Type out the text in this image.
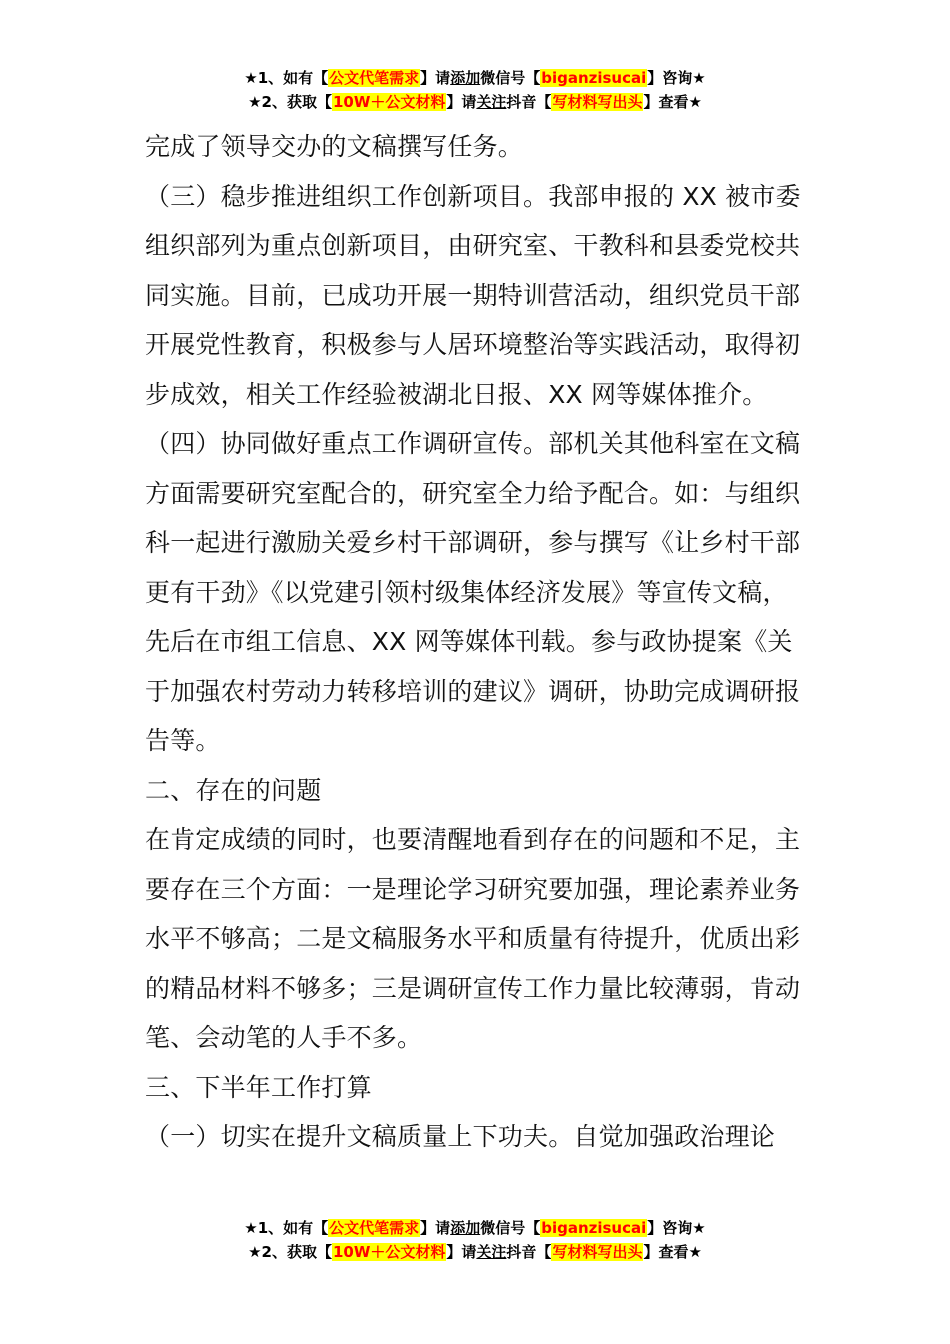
★1、如有【公文代笔需求】请添加微信号【biganzisucai】咨询★
★2、获取【10W＋公文材料】请关注抖音【写材料写出头】查看★

完成了领导交办的文稿撰写任务。

（三）稳步推进组织工作创新项目。我部申报的 XX 被市委组织部列为重点创新项目，由研究室、干教科和县委党校共同实施。目前，已成功开展一期特训营活动，组织党员干部开展党性教育，积极参与人居环境整治等实践活动，取得初步成效，相关工作经验被湖北日报、XX 网等媒体推介。

（四）协同做好重点工作调研宣传。部机关其他科室在文稿方面需要研究室配合的，研究室全力给予配合。如：与组织科一起进行激励关爱乡村干部调研，参与撰写《让乡村干部更有干劲》《以党建引领村级集体经济发展》等宣传文稿，先后在市组工信息、XX 网等媒体刊载。参与政协提案《关于加强农村劳动力转移培训的建议》调研，协助完成调研报告等。

二、存在的问题

在肯定成绩的同时，也要清醒地看到存在的问题和不足，主要存在三个方面：一是理论学习研究要加强，理论素养业务水平不够高；二是文稿服务水平和质量有待提升，优质出彩的精品材料不够多；三是调研宣传工作力量比较薄弱，肯动笔、会动笔的人手不多。

三、下半年工作打算

（一）切实在提升文稿质量上下功夫。自觉加强政治理论

★1、如有【公文代笔需求】请添加微信号【biganzisucai】咨询★
★2、获取【10W＋公文材料】请关注抖音【写材料写出头】查看★
